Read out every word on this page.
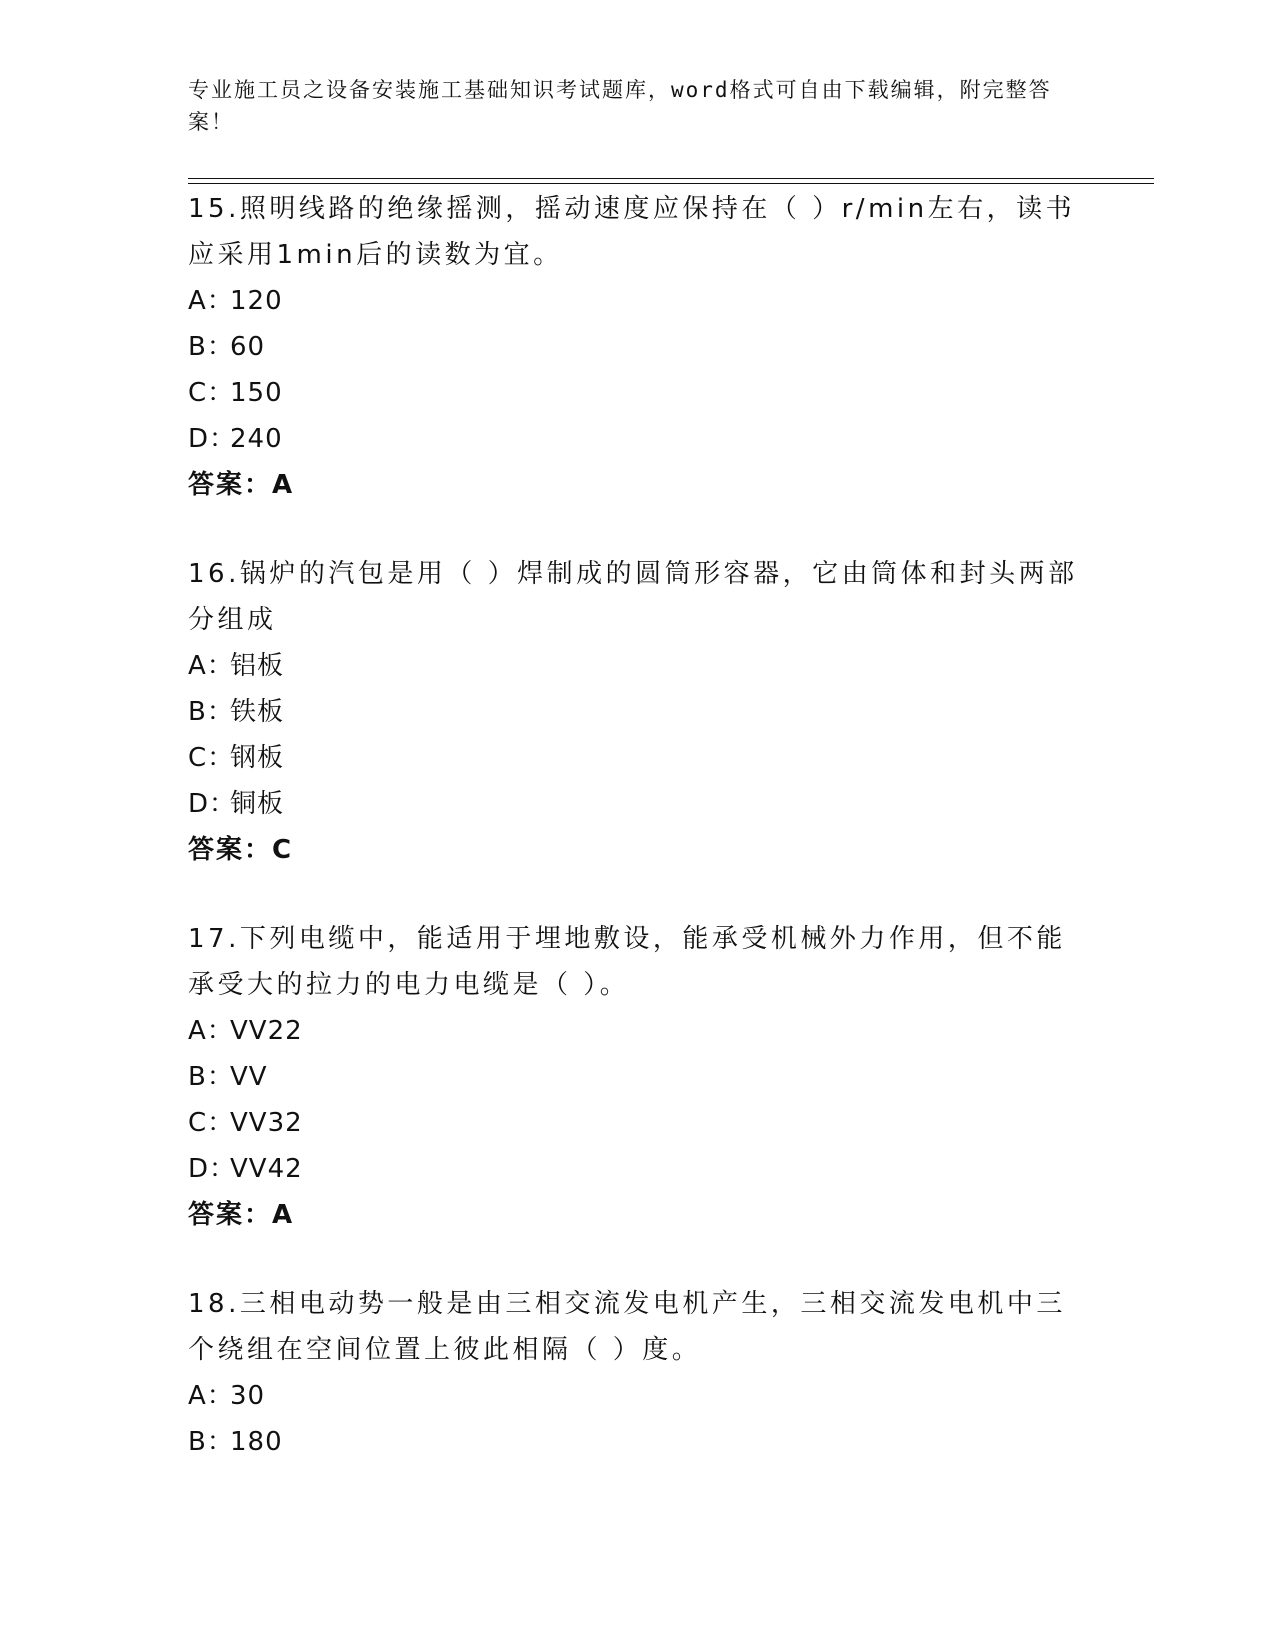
专业施工员之设备安装施工基础知识考试题库，word格式可自由下载编辑，附完整答案！

15.照明线路的绝缘摇测，摇动速度应保持在（ ）r/min左右，读书应采用1min后的读数为宜。

A：120

B：60

C：150

D：240

答案：A

16.锅炉的汽包是用（ ）焊制成的圆筒形容器，它由筒体和封头两部分组成

A：铝板

B：铁板

C：钢板

D：铜板

答案：C

17.下列电缆中，能适用于埋地敷设，能承受机械外力作用，但不能承受大的拉力的电力电缆是（ ）。

A：VV22

B：VV

C：VV32

D：VV42

答案：A

18.三相电动势一般是由三相交流发电机产生，三相交流发电机中三个绕组在空间位置上彼此相隔（ ）度。

A：30

B：180
